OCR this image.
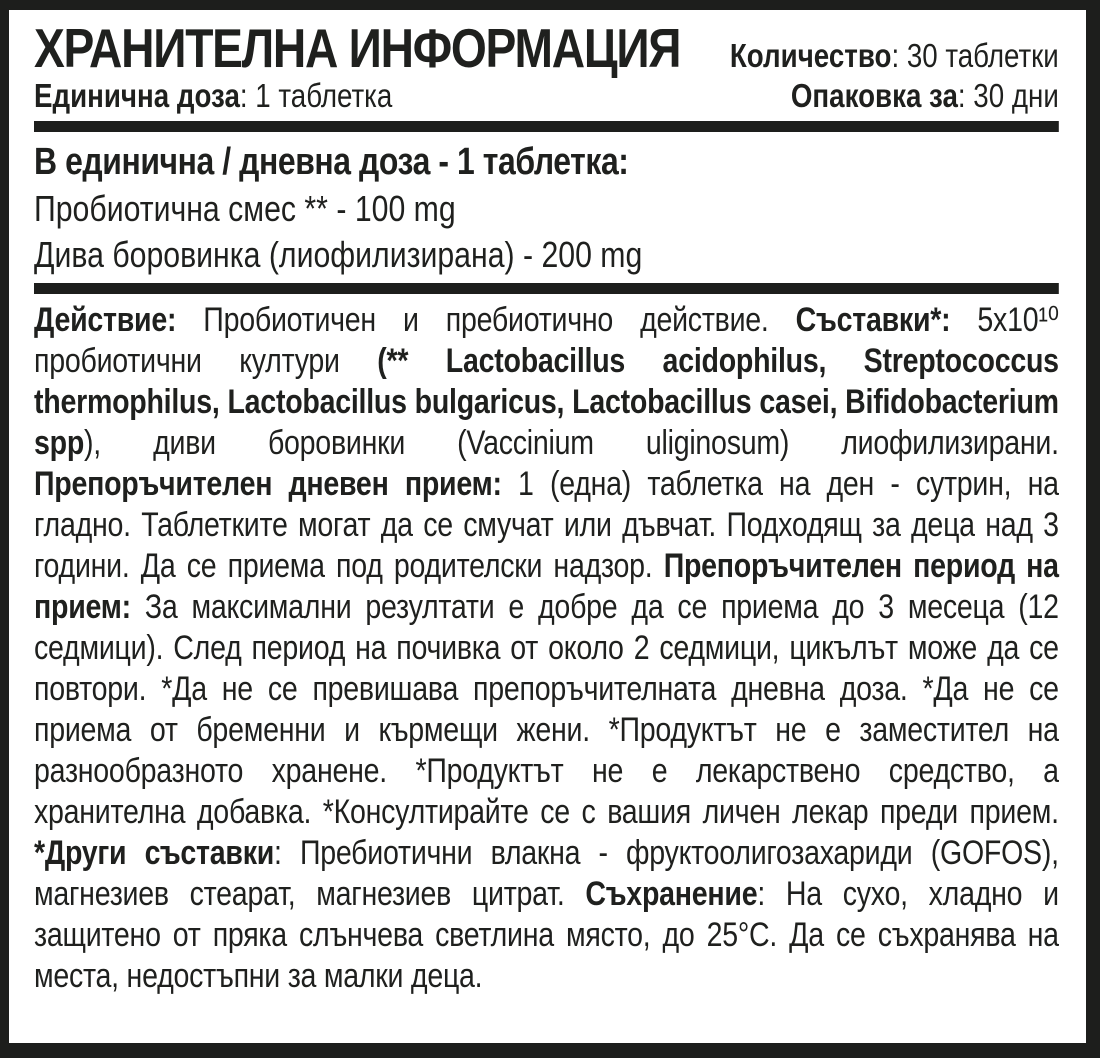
ХРАНИТЕЛНА ИНФОРМАЦИЯ Количество: 30 таблетки
Единична доза: 1 таблетка	Опаковка за: 30 дни
В единична / дневна доза - 1 таблетка:
Пробиотична смес ** - 100 mg
Дива боровинка (лиофилизирана) - 200 mg

Действие: Пробиотичен и пребиотично действие. Съставки*: 5x10¹⁰ пробиотични култури (** Lactobacillus acidophilus, Streptococcus thermophilus, Lactobacillus bulgaricus, Lactobacillus casei, Bifidobacterium spp), диви боровинки (Vaccinium uliginosum) лиофилизирани. Препоръчителен дневен прием: 1 (една) таблетка на ден - сутрин, на гладно. Таблетките могат да се смучат или дъвчат. Подходящ за деца над 3 години. Да се приема под родителски надзор. Препоръчителен период на прием: За максимални резултати е добре да се приема до 3 месеца (12 седмици). След период на почивка от около 2 седмици, цикълът може да се повтори. *Да не се превишава препоръчителната дневна доза. *Да не се приема от бременни и кърмещи жени. *Продуктът не е заместител на разнообразното хранене. *Продуктът не е лекарствено средство, а хранителна добавка. *Консултирайте се с вашия личен лекар преди прием. *Други съставки: Пребиотични влакна - фруктоолигозахариди (GOFOS), магнезиев стеарат, магнезиев цитрат. Съхранение: На сухо, хладно и защитено от пряка слънчева светлина място, до 25°C. Да се съхранява на места, недостъпни за малки деца.
